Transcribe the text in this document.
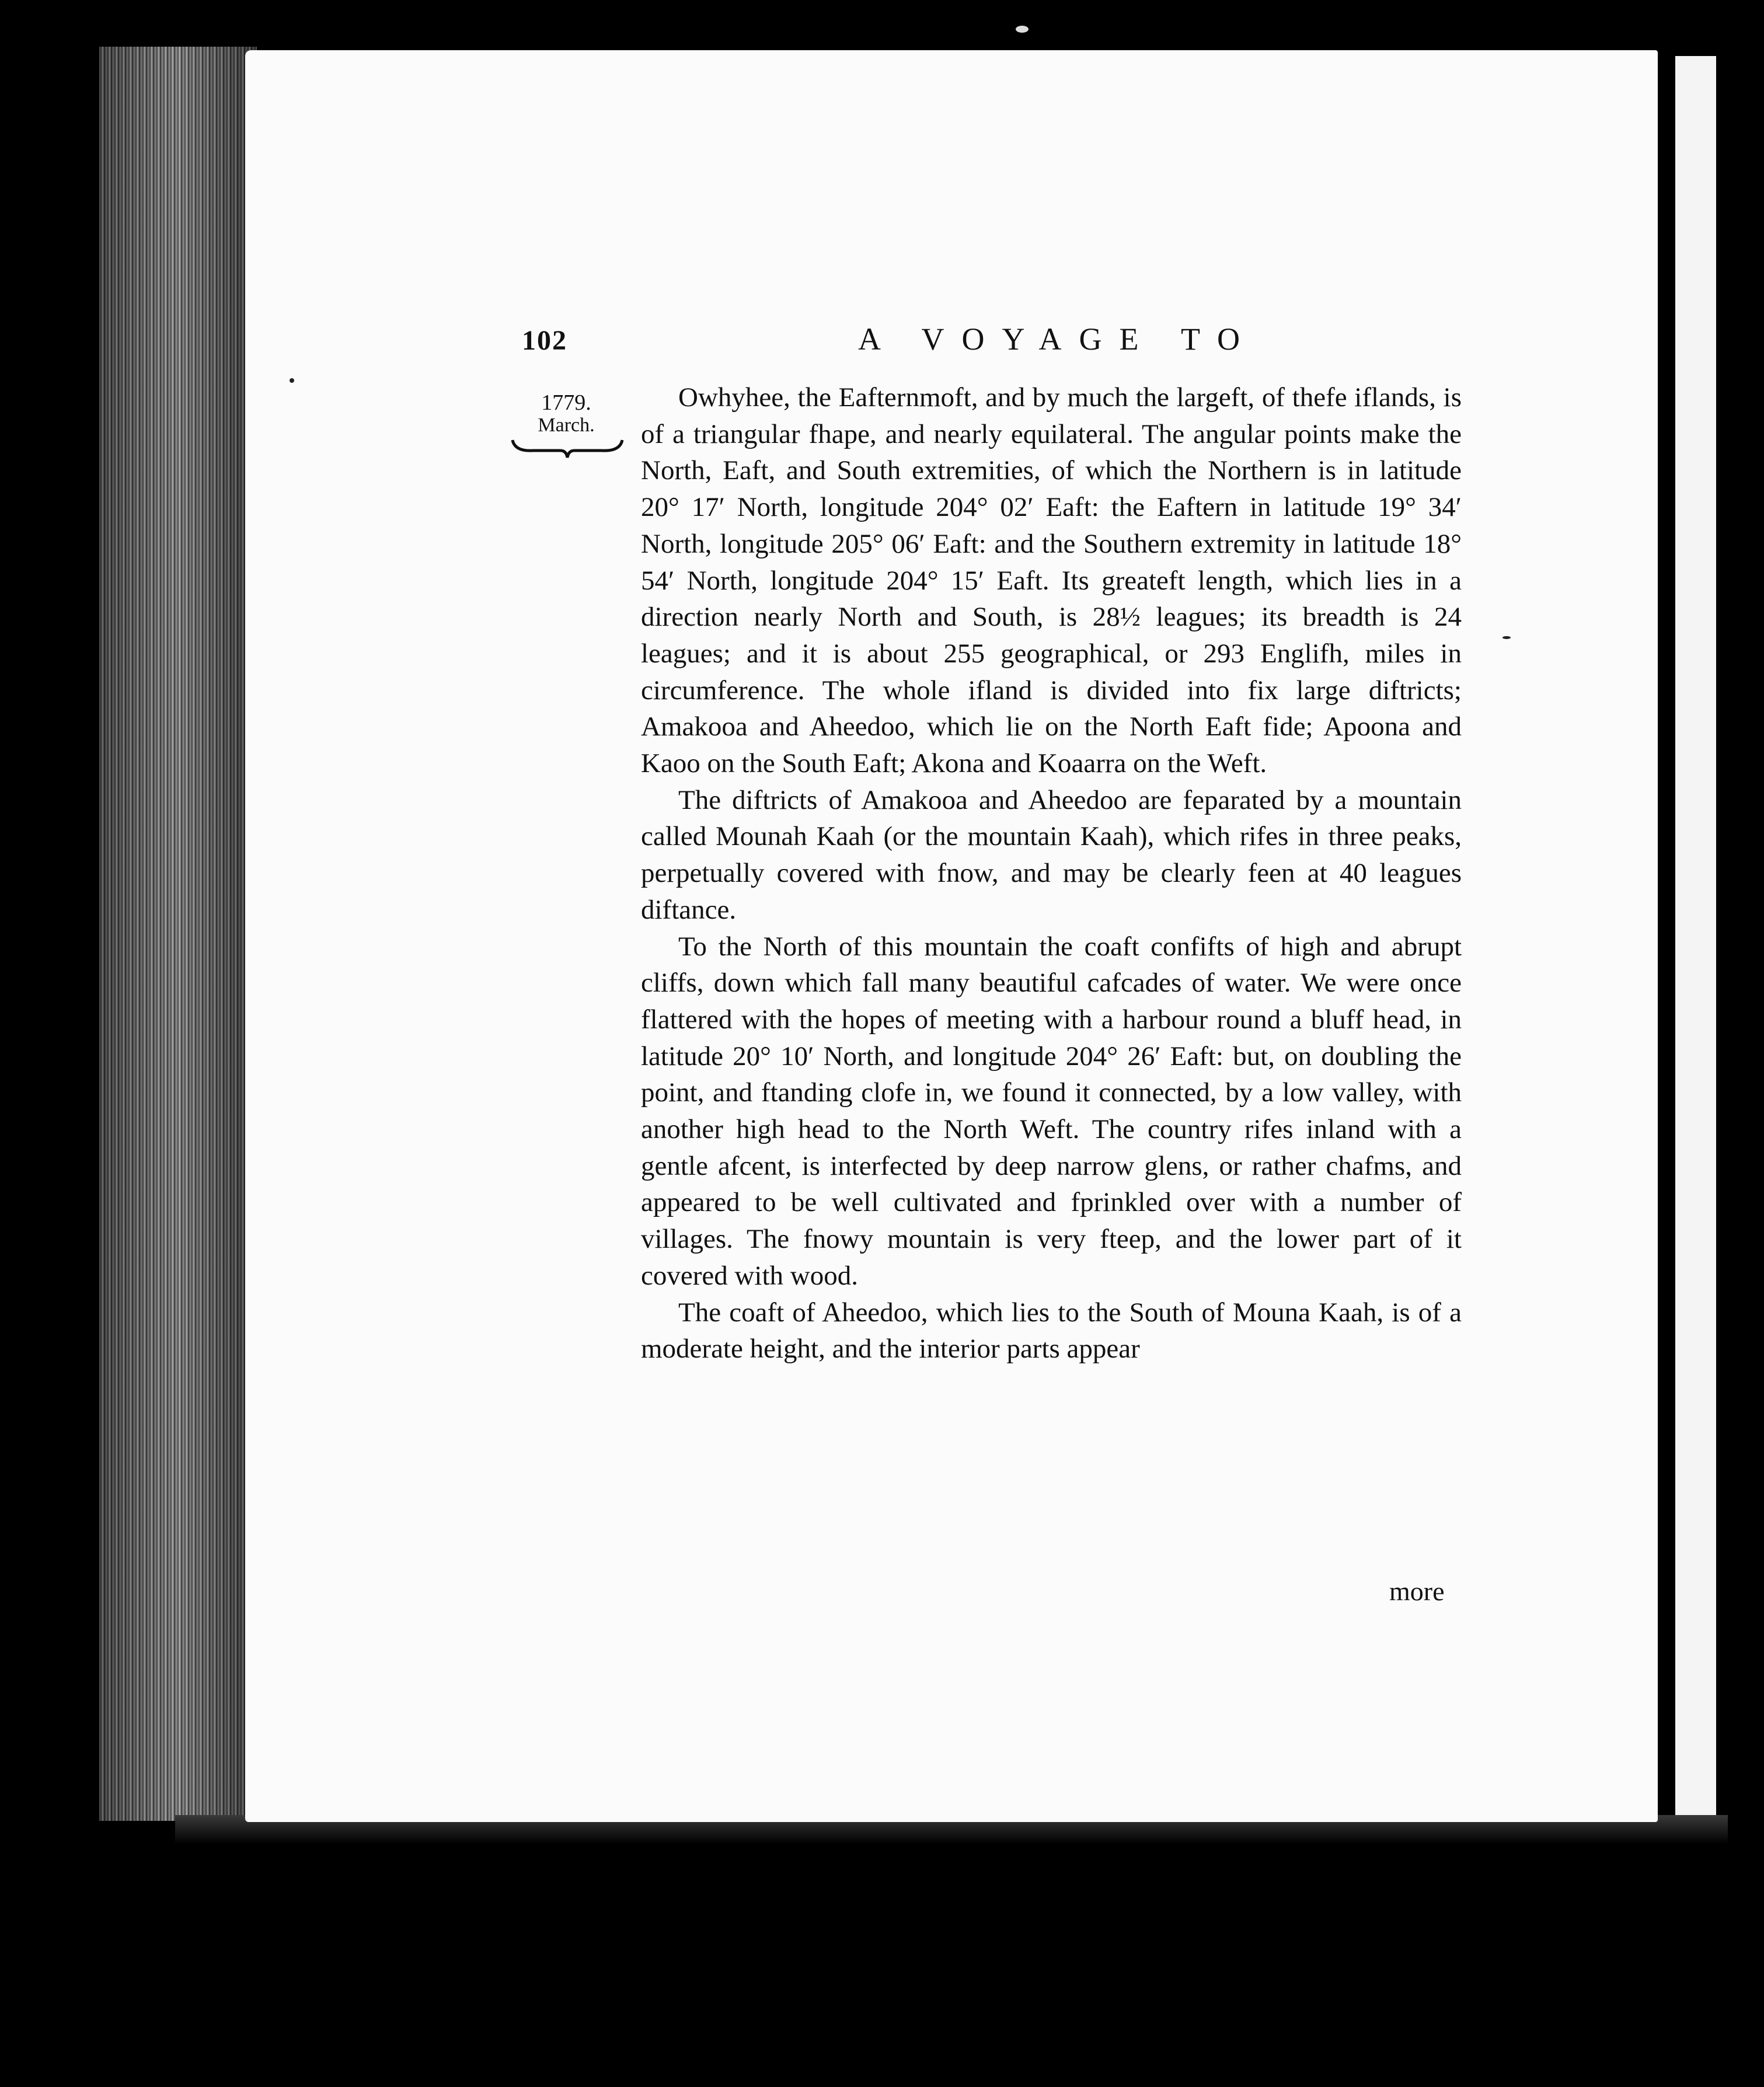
102	A VOYAGE TO
1779.
March.

Owhyhee, the Eafternmoft, and by much the largeft, of thefe iflands, is of a triangular fhape, and nearly equilateral. The angular points make the North, Eaft, and South extremities, of which the Northern is in latitude 20° 17′ North, longitude 204° 02′ Eaft: the Eaftern in latitude 19° 34′ North, longitude 205° 06′ Eaft: and the Southern extremity in latitude 18° 54′ North, longitude 204° 15′ Eaft. Its greateft length, which lies in a direction nearly North and South, is 28½ leagues; its breadth is 24 leagues; and it is about 255 geographical, or 293 Englifh, miles in circumference. The whole ifland is divided into fix large diftricts; Amakooa and Aheedoo, which lie on the North Eaft fide; Apoona and Kaoo on the South Eaft; Akona and Koaarra on the Weft.

The diftricts of Amakooa and Aheedoo are feparated by a mountain called Mounah Kaah (or the mountain Kaah), which rifes in three peaks, perpetually covered with fnow, and may be clearly feen at 40 leagues diftance.

To the North of this mountain the coaft confifts of high and abrupt cliffs, down which fall many beautiful cafcades of water. We were once flattered with the hopes of meeting with a harbour round a bluff head, in latitude 20° 10′ North, and longitude 204° 26′ Eaft: but, on doubling the point, and ftanding clofe in, we found it connected, by a low valley, with another high head to the North Weft. The country rifes inland with a gentle afcent, is interfected by deep narrow glens, or rather chafms, and appeared to be well cultivated and fprinkled over with a number of villages. The fnowy mountain is very fteep, and the lower part of it covered with wood.

The coaft of Aheedoo, which lies to the South of Mouna Kaah, is of a moderate height, and the interior parts appear

more
